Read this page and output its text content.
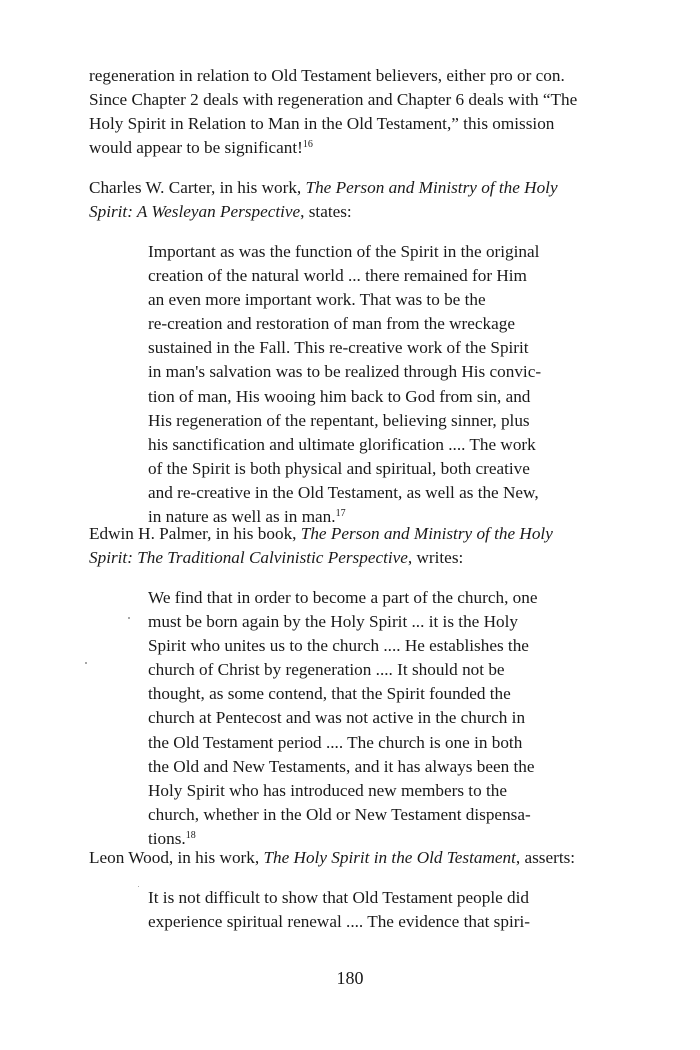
regeneration in relation to Old Testament believers, either pro or con.
Since Chapter 2 deals with regeneration and Chapter 6 deals with “The
Holy Spirit in Relation to Man in the Old Testament,” this omission
would appear to be significant!$^{16}$

Charles W. Carter, in his work, The Person and Ministry of the Holy
Spirit: A Wesleyan Perspective, states:

Important as was the function of the Spirit in the original
creation of the natural world ... there remained for Him
an even more important work. That was to be the
re-creation and restoration of man from the wreckage
sustained in the Fall. This re-creative work of the Spirit
in man's salvation was to be realized through His convic-
tion of man, His wooing him back to God from sin, and
His regeneration of the repentant, believing sinner, plus
his sanctification and ultimate glorification .... The work
of the Spirit is both physical and spiritual, both creative
and re-creative in the Old Testament, as well as the New,
in nature as well as in man.$^{17}$

Edwin H. Palmer, in his book, The Person and Ministry of the Holy
Spirit: The Traditional Calvinistic Perspective, writes:

We find that in order to become a part of the church, one
must be born again by the Holy Spirit ... it is the Holy
Spirit who unites us to the church .... He establishes the
church of Christ by regeneration .... It should not be
thought, as some contend, that the Spirit founded the
church at Pentecost and was not active in the church in
the Old Testament period .... The church is one in both
the Old and New Testaments, and it has always been the
Holy Spirit who has introduced new members to the
church, whether in the Old or New Testament dispensa-
tions.$^{18}$

Leon Wood, in his work, The Holy Spirit in the Old Testament, asserts:

It is not difficult to show that Old Testament people did
experience spiritual renewal .... The evidence that spiri-

180
